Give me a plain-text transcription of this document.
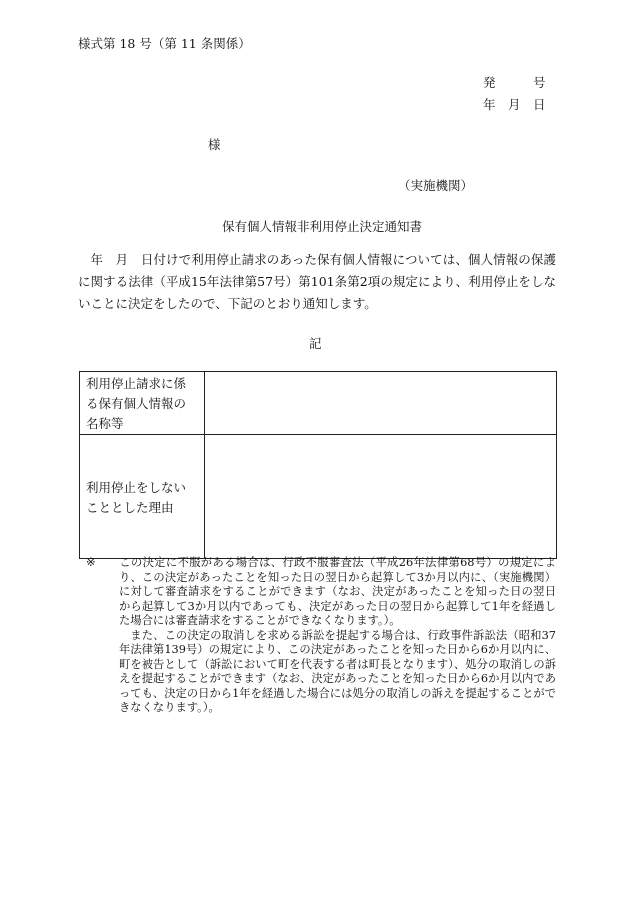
様式第 18 号（第 11 条関係）
発　　　号
年　月　日
様
（実施機関）
保有個人情報非利用停止決定通知書

年　月　日付けで利用停止請求のあった保有個人情報については、個人情報の保護に関する法律（平成15年法律第57号）第101条第2項の規定により、利用停止をしないことに決定をしたので、下記のとおり通知します。

記
利用停止請求に係る保有個人情報の名称等	
利用停止をしないこととした理由	

※ この決定に不服がある場合は、行政不服審査法（平成26年法律第68号）の規定により、この決定があったことを知った日の翌日から起算して3か月以内に、（実施機関）に対して審査請求をすることができます（なお、決定があったことを知った日の翌日から起算して3か月以内であっても、決定があった日の翌日から起算して1年を経過した場合には審査請求をすることができなくなります。）。

また、この決定の取消しを求める訴訟を提起する場合は、行政事件訴訟法（昭和37年法律第139号）の規定により、この決定があったことを知った日から6か月以内に、町を被告として（訴訟において町を代表する者は町長となります）、処分の取消しの訴えを提起することができます（なお、決定があったことを知った日から6か月以内であっても、決定の日から1年を経過した場合には処分の取消しの訴えを提起することができなくなります。）。
